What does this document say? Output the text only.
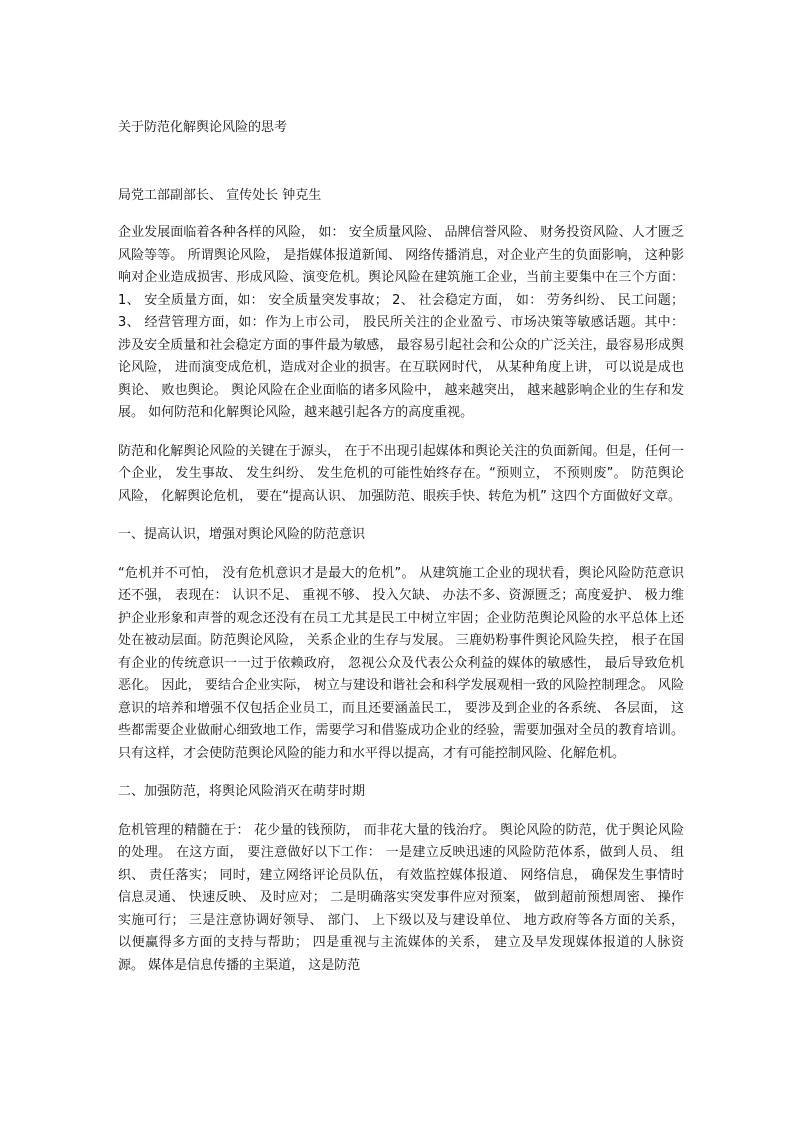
关于防范化解舆论风险的思考

局党工部副部长、 宣传处长 钟克生

企业发展面临着各种各样的风险， 如： 安全质量风险、 品牌信誉风险、 财务投资风险、人才匮乏风险等等。 所谓舆论风险， 是指媒体报道新闻、 网络传播消息，对企业产生的负面影响， 这种影响对企业造成损害、形成风险、演变危机。舆论风险在建筑施工企业，当前主要集中在三个方面： 1、 安全质量方面，如： 安全质量突发事故； 2、 社会稳定方面， 如： 劳务纠纷、 民工问题； 3、 经营管理方面，如：作为上市公司， 股民所关注的企业盈亏、市场决策等敏感话题。其中： 涉及安全质量和社会稳定方面的事件最为敏感， 最容易引起社会和公众的广泛关注，最容易形成舆论风险， 进而演变成危机，造成对企业的损害。在互联网时代， 从某种角度上讲， 可以说是成也舆论、 败也舆论。 舆论风险在企业面临的诸多风险中， 越来越突出， 越来越影响企业的生存和发展。 如何防范和化解舆论风险，越来越引起各方的高度重视。

防范和化解舆论风险的关键在于源头， 在于不出现引起媒体和舆论关注的负面新闻。但是，任何一个企业， 发生事故、 发生纠纷、 发生危机的可能性始终存在。“预则立， 不预则废”。 防范舆论风险， 化解舆论危机， 要在“提高认识、 加强防范、眼疾手快、转危为机” 这四个方面做好文章。

一、提高认识，增强对舆论风险的防范意识

“危机并不可怕， 没有危机意识才是最大的危机”。 从建筑施工企业的现状看，舆论风险防范意识还不强， 表现在： 认识不足、 重视不够、 投入欠缺、 办法不多、资源匮乏；高度爱护、 极力维护企业形象和声誉的观念还没有在员工尤其是民工中树立牢固；企业防范舆论风险的水平总体上还处在被动层面。防范舆论风险， 关系企业的生存与发展。 三鹿奶粉事件舆论风险失控， 根子在国有企业的传统意识一一过于依赖政府， 忽视公众及代表公众利益的媒体的敏感性， 最后导致危机恶化。 因此， 要结合企业实际， 树立与建设和谐社会和科学发展观相一致的风险控制理念。 风险意识的培养和增强不仅包括企业员工，而且还要涵盖民工， 要涉及到企业的各系统、 各层面， 这些都需要企业做耐心细致地工作，需要学习和借鉴成功企业的经验，需要加强对全员的教育培训。只有这样，才会使防范舆论风险的能力和水平得以提高，才有可能控制风险、化解危机。

二、加强防范，将舆论风险消灭在萌芽时期

危机管理的精髓在于： 花少量的钱预防， 而非花大量的钱治疗。 舆论风险的防范，优于舆论风险的处理。 在这方面， 要注意做好以下工作： 一是建立反映迅速的风险防范体系，做到人员、 组织、 责任落实； 同时，建立网络评论员队伍， 有效监控媒体报道、 网络信息， 确保发生事情时信息灵通、 快速反映、 及时应对； 二是明确落实突发事件应对预案， 做到超前预想周密、 操作实施可行； 三是注意协调好领导、 部门、 上下级以及与建设单位、 地方政府等各方面的关系， 以便赢得多方面的支持与帮助； 四是重视与主流媒体的关系， 建立及早发现媒体报道的人脉资源。 媒体是信息传播的主渠道， 这是防范
